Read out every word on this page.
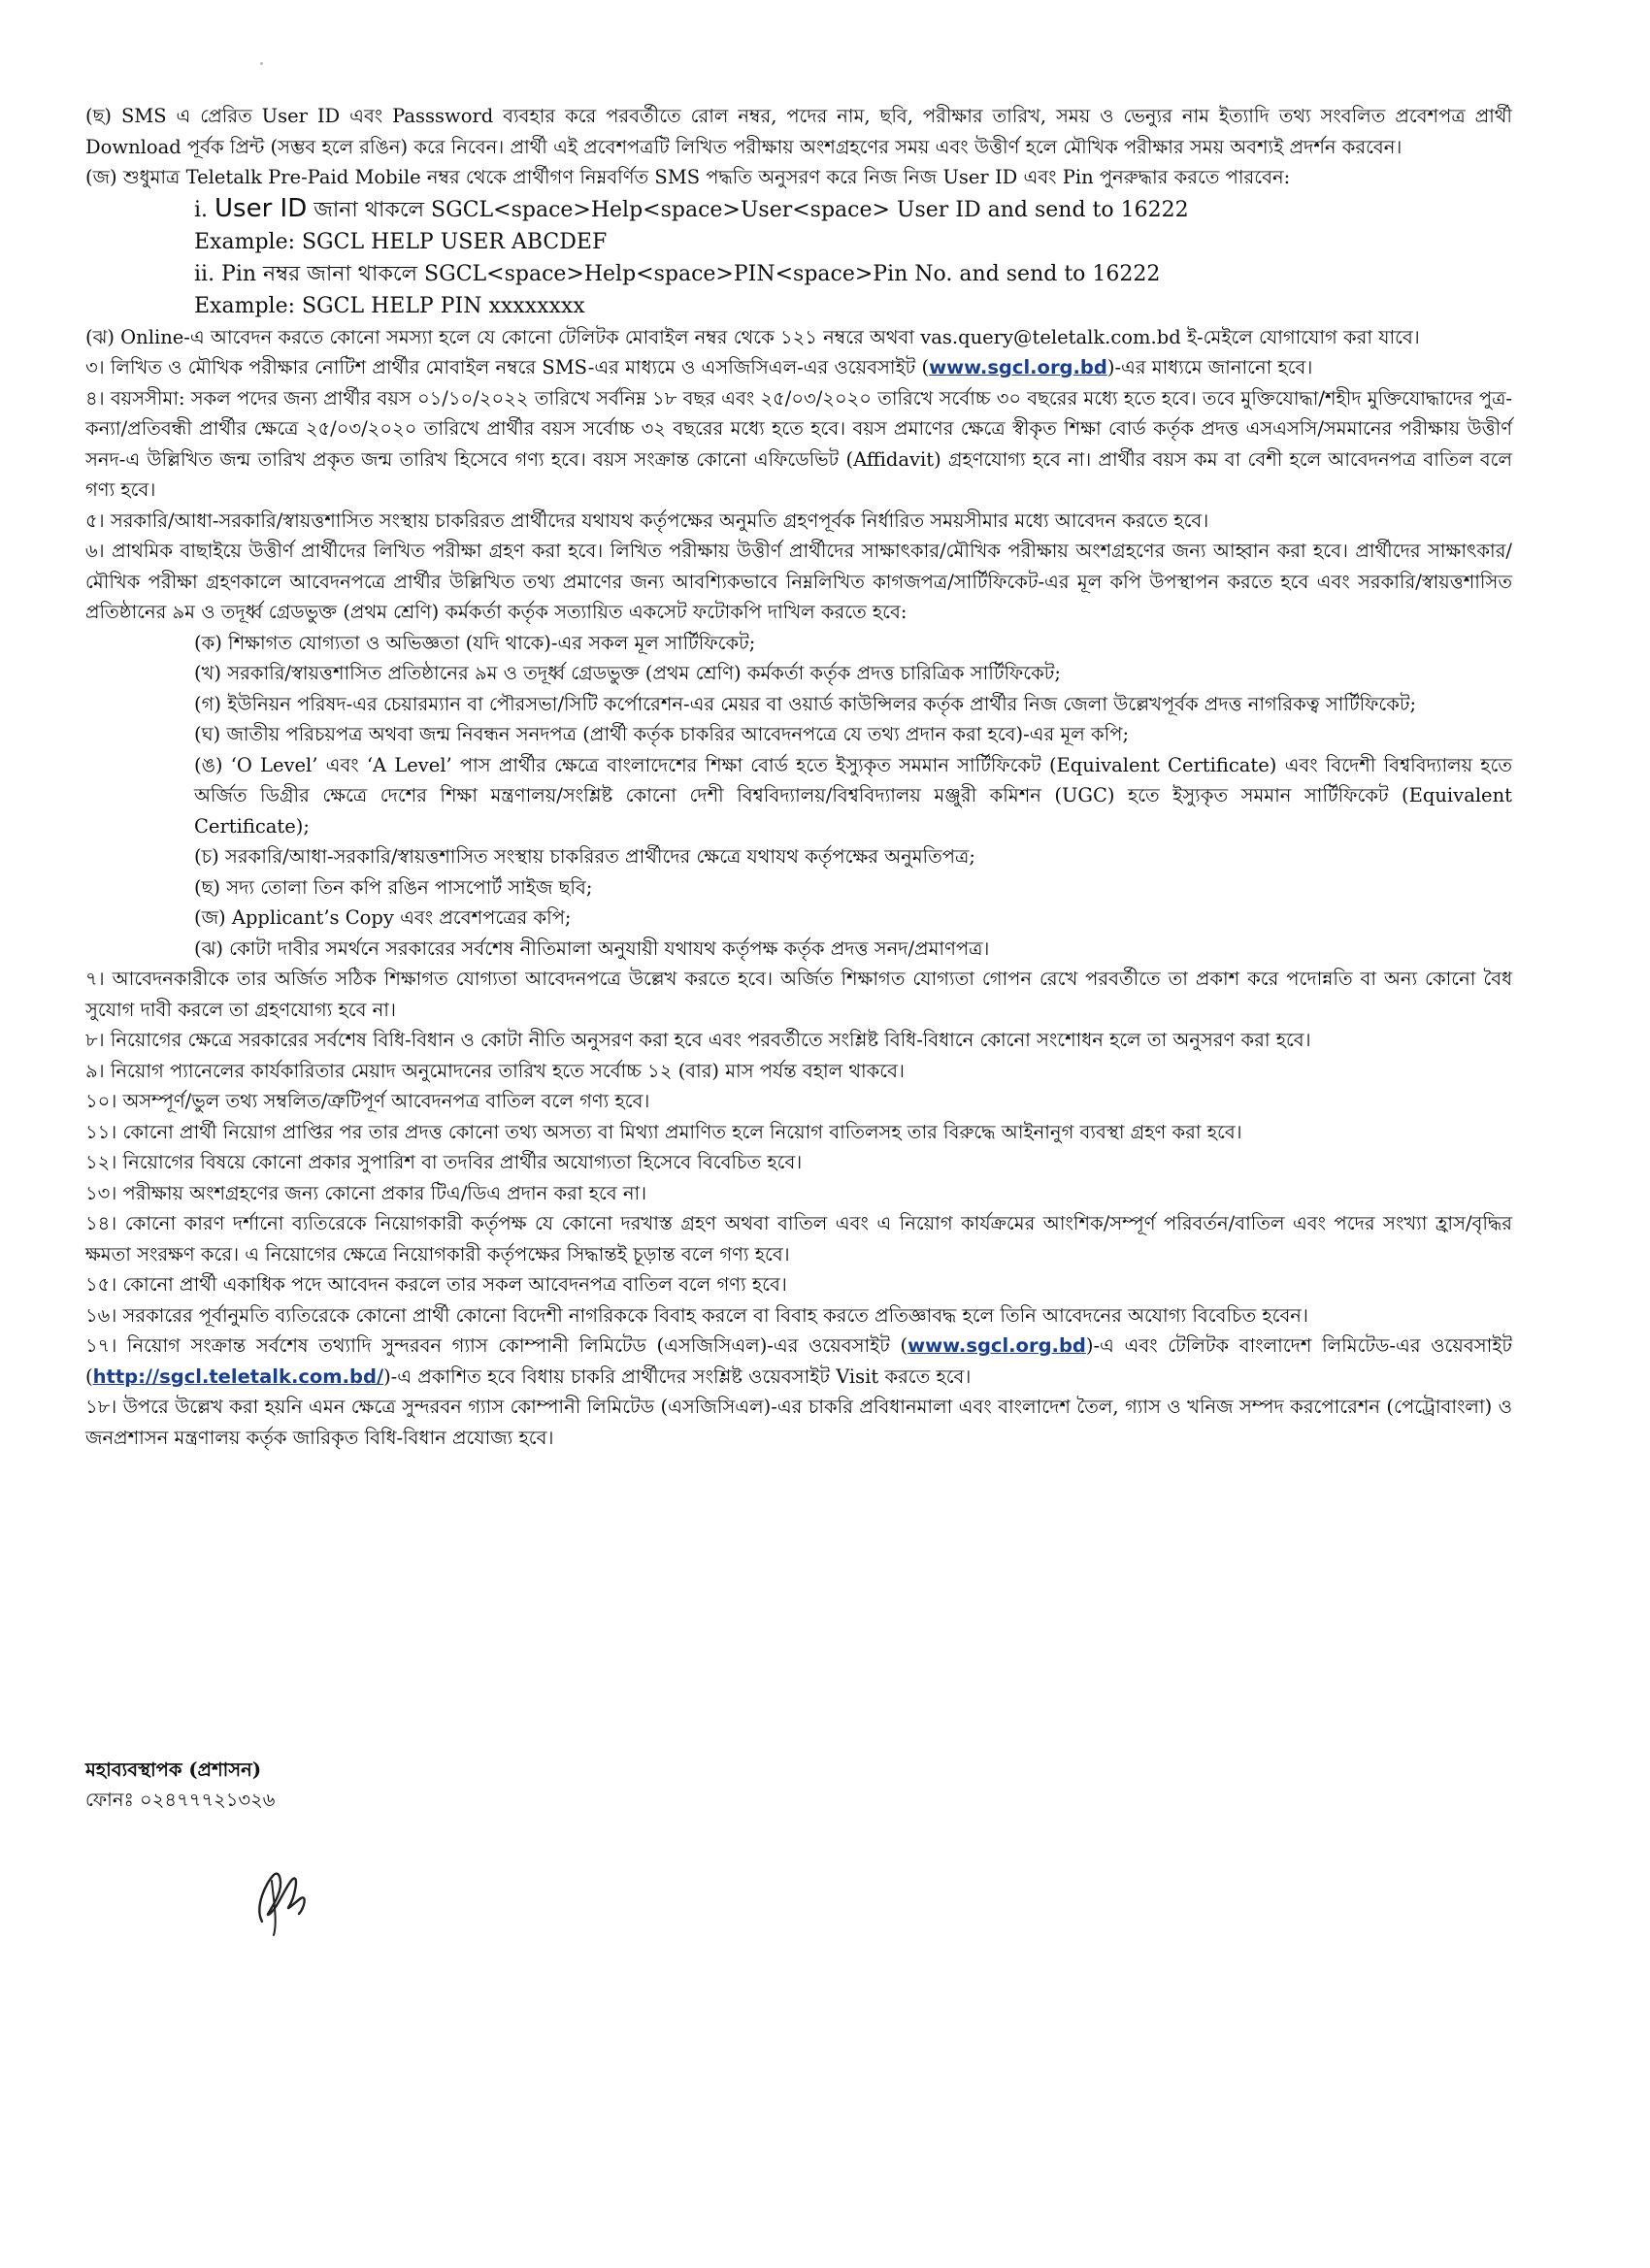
(ছ) SMS এ প্রেরিত User ID এবং Passsword ব্যবহার করে পরবর্তীতে রোল নম্বর, পদের নাম, ছবি, পরীক্ষার তারিখ, সময় ও ভেন্যুর নাম ইত্যাদি তথ্য সংবলিত প্রবেশপত্র প্রার্থী Download পূর্বক প্রিন্ট (সম্ভব হলে রঙিন) করে নিবেন। প্রার্থী এই প্রবেশপত্রটি লিখিত পরীক্ষায় অংশগ্রহণের সময় এবং উত্তীর্ণ হলে মৌখিক পরীক্ষার সময় অবশ্যই প্রদর্শন করবেন।

(জ) শুধুমাত্র Teletalk Pre-Paid Mobile নম্বর থেকে প্রার্থীগণ নিম্নবর্ণিত SMS পদ্ধতি অনুসরণ করে নিজ নিজ User ID এবং Pin পুনরুদ্ধার করতে পারবেন:

i. User ID জানা থাকলে SGCL<space>Help<space>User<space> User ID and send to 16222
Example: SGCL HELP USER ABCDEF
ii. Pin নম্বর জানা থাকলে SGCL<space>Help<space>PIN<space>Pin No. and send to 16222
Example: SGCL HELP PIN xxxxxxxx

(ঝ) Online-এ আবেদন করতে কোনো সমস্যা হলে যে কোনো টেলিটক মোবাইল নম্বর থেকে ১২১ নম্বরে অথবা vas.query@teletalk.com.bd ই-মেইলে যোগাযোগ করা যাবে।

৩। লিখিত ও মৌখিক পরীক্ষার নোটিশ প্রার্থীর মোবাইল নম্বরে SMS-এর মাধ্যমে ও এসজিসিএল-এর ওয়েবসাইট (www.sgcl.org.bd)-এর মাধ্যমে জানানো হবে।

৪। বয়সসীমা: সকল পদের জন্য প্রার্থীর বয়স ০১/১০/২০২২ তারিখে সর্বনিম্ন ১৮ বছর এবং ২৫/০৩/২০২০ তারিখে সর্বোচ্চ ৩০ বছরের মধ্যে হতে হবে। তবে মুক্তিযোদ্ধা/শহীদ মুক্তিযোদ্ধাদের পুত্র-কন্যা/প্রতিবন্ধী প্রার্থীর ক্ষেত্রে ২৫/০৩/২০২০ তারিখে প্রার্থীর বয়স সর্বোচ্চ ৩২ বছরের মধ্যে হতে হবে। বয়স প্রমাণের ক্ষেত্রে স্বীকৃত শিক্ষা বোর্ড কর্তৃক প্রদত্ত এসএসসি/সমমানের পরীক্ষায় উত্তীর্ণ সনদ-এ উল্লিখিত জন্ম তারিখ প্রকৃত জন্ম তারিখ হিসেবে গণ্য হবে। বয়স সংক্রান্ত কোনো এফিডেভিট (Affidavit) গ্রহণযোগ্য হবে না। প্রার্থীর বয়স কম বা বেশী হলে আবেদনপত্র বাতিল বলে গণ্য হবে।

৫। সরকারি/আধা-সরকারি/স্বায়ত্তশাসিত সংস্থায় চাকরিরত প্রার্থীদের যথাযথ কর্তৃপক্ষের অনুমতি গ্রহণপূর্বক নির্ধারিত সময়সীমার মধ্যে আবেদন করতে হবে।

৬। প্রাথমিক বাছাইয়ে উত্তীর্ণ প্রার্থীদের লিখিত পরীক্ষা গ্রহণ করা হবে। লিখিত পরীক্ষায় উত্তীর্ণ প্রার্থীদের সাক্ষাৎকার/মৌখিক পরীক্ষায় অংশগ্রহণের জন্য আহ্বান করা হবে। প্রার্থীদের সাক্ষাৎকার/মৌখিক পরীক্ষা গ্রহণকালে আবেদনপত্রে প্রার্থীর উল্লিখিত তথ্য প্রমাণের জন্য আবশ্যিকভাবে নিম্নলিখিত কাগজপত্র/সার্টিফিকেট-এর মূল কপি উপস্থাপন করতে হবে এবং সরকারি/স্বায়ত্তশাসিত প্রতিষ্ঠানের ৯ম ও তদূর্ধ্ব গ্রেডভুক্ত (প্রথম শ্রেণি) কর্মকর্তা কর্তৃক সত্যায়িত একসেট ফটোকপি দাখিল করতে হবে:

(ক) শিক্ষাগত যোগ্যতা ও অভিজ্ঞতা (যদি থাকে)-এর সকল মূল সার্টিফিকেট;

(খ) সরকারি/স্বায়ত্তশাসিত প্রতিষ্ঠানের ৯ম ও তদূর্ধ্ব গ্রেডভুক্ত (প্রথম শ্রেণি) কর্মকর্তা কর্তৃক প্রদত্ত চারিত্রিক সার্টিফিকেট;

(গ) ইউনিয়ন পরিষদ-এর চেয়ারম্যান বা পৌরসভা/সিটি কর্পোরেশন-এর মেয়র বা ওয়ার্ড কাউন্সিলর কর্তৃক প্রার্থীর নিজ জেলা উল্লেখপূর্বক প্রদত্ত নাগরিকত্ব সার্টিফিকেট;

(ঘ) জাতীয় পরিচয়পত্র অথবা জন্ম নিবন্ধন সনদপত্র (প্রার্থী কর্তৃক চাকরির আবেদনপত্রে যে তথ্য প্রদান করা হবে)-এর মূল কপি;

(ঙ) ‘O Level’ এবং ‘A Level’ পাস প্রার্থীর ক্ষেত্রে বাংলাদেশের শিক্ষা বোর্ড হতে ইস্যুকৃত সমমান সার্টিফিকেট (Equivalent Certificate) এবং বিদেশী বিশ্ববিদ্যালয় হতে অর্জিত ডিগ্রীর ক্ষেত্রে দেশের শিক্ষা মন্ত্রণালয়/সংশ্লিষ্ট কোনো দেশী বিশ্ববিদ্যালয়/বিশ্ববিদ্যালয় মঞ্জুরী কমিশন (UGC) হতে ইস্যুকৃত সমমান সার্টিফিকেট (Equivalent Certificate);

(চ) সরকারি/আধা-সরকারি/স্বায়ত্তশাসিত সংস্থায় চাকরিরত প্রার্থীদের ক্ষেত্রে যথাযথ কর্তৃপক্ষের অনুমতিপত্র;

(ছ) সদ্য তোলা তিন কপি রঙিন পাসপোর্ট সাইজ ছবি;

(জ) Applicant’s Copy এবং প্রবেশপত্রের কপি;

(ঝ) কোটা দাবীর সমর্থনে সরকারের সর্বশেষ নীতিমালা অনুযায়ী যথাযথ কর্তৃপক্ষ কর্তৃক প্রদত্ত সনদ/প্রমাণপত্র।

৭। আবেদনকারীকে তার অর্জিত সঠিক শিক্ষাগত যোগ্যতা আবেদনপত্রে উল্লেখ করতে হবে। অর্জিত শিক্ষাগত যোগ্যতা গোপন রেখে পরবর্তীতে তা প্রকাশ করে পদোন্নতি বা অন্য কোনো বৈধ সুযোগ দাবী করলে তা গ্রহণযোগ্য হবে না।

৮। নিয়োগের ক্ষেত্রে সরকারের সর্বশেষ বিধি-বিধান ও কোটা নীতি অনুসরণ করা হবে এবং পরবর্তীতে সংশ্লিষ্ট বিধি-বিধানে কোনো সংশোধন হলে তা অনুসরণ করা হবে।

৯। নিয়োগ প্যানেলের কার্যকারিতার মেয়াদ অনুমোদনের তারিখ হতে সর্বোচ্চ ১২ (বার) মাস পর্যন্ত বহাল থাকবে।

১০। অসম্পূর্ণ/ভুল তথ্য সম্বলিত/ত্রুটিপূর্ণ আবেদনপত্র বাতিল বলে গণ্য হবে।

১১। কোনো প্রার্থী নিয়োগ প্রাপ্তির পর তার প্রদত্ত কোনো তথ্য অসত্য বা মিথ্যা প্রমাণিত হলে নিয়োগ বাতিলসহ তার বিরুদ্ধে আইনানুগ ব্যবস্থা গ্রহণ করা হবে।

১২। নিয়োগের বিষয়ে কোনো প্রকার সুপারিশ বা তদবির প্রার্থীর অযোগ্যতা হিসেবে বিবেচিত হবে।

১৩। পরীক্ষায় অংশগ্রহণের জন্য কোনো প্রকার টিএ/ডিএ প্রদান করা হবে না।

১৪। কোনো কারণ দর্শানো ব্যতিরেকে নিয়োগকারী কর্তৃপক্ষ যে কোনো দরখাস্ত গ্রহণ অথবা বাতিল এবং এ নিয়োগ কার্যক্রমের আংশিক/সম্পূর্ণ পরিবর্তন/বাতিল এবং পদের সংখ্যা হ্রাস/বৃদ্ধির ক্ষমতা সংরক্ষণ করে। এ নিয়োগের ক্ষেত্রে নিয়োগকারী কর্তৃপক্ষের সিদ্ধান্তই চূড়ান্ত বলে গণ্য হবে।

১৫। কোনো প্রার্থী একাধিক পদে আবেদন করলে তার সকল আবেদনপত্র বাতিল বলে গণ্য হবে।

১৬। সরকারের পূর্বানুমতি ব্যতিরেকে কোনো প্রার্থী কোনো বিদেশী নাগরিককে বিবাহ করলে বা বিবাহ করতে প্রতিজ্ঞাবদ্ধ হলে তিনি আবেদনের অযোগ্য বিবেচিত হবেন।

১৭। নিয়োগ সংক্রান্ত সর্বশেষ তথ্যাদি সুন্দরবন গ্যাস কোম্পানী লিমিটেড (এসজিসিএল)-এর ওয়েবসাইট (www.sgcl.org.bd)-এ এবং টেলিটক বাংলাদেশ লিমিটেড-এর ওয়েবসাইট (http://sgcl.teletalk.com.bd/)-এ প্রকাশিত হবে বিধায় চাকরি প্রার্থীদের সংশ্লিষ্ট ওয়েবসাইট Visit করতে হবে।

১৮। উপরে উল্লেখ করা হয়নি এমন ক্ষেত্রে সুন্দরবন গ্যাস কোম্পানী লিমিটেড (এসজিসিএল)-এর চাকরি প্রবিধানমালা এবং বাংলাদেশ তৈল, গ্যাস ও খনিজ সম্পদ করপোরেশন (পেট্রোবাংলা) ও জনপ্রশাসন মন্ত্রণালয় কর্তৃক জারিকৃত বিধি-বিধান প্রযোজ্য হবে।

মহাব্যবস্থাপক (প্রশাসন)
ফোনঃ ০২৪৭৭৭২১৩২৬
